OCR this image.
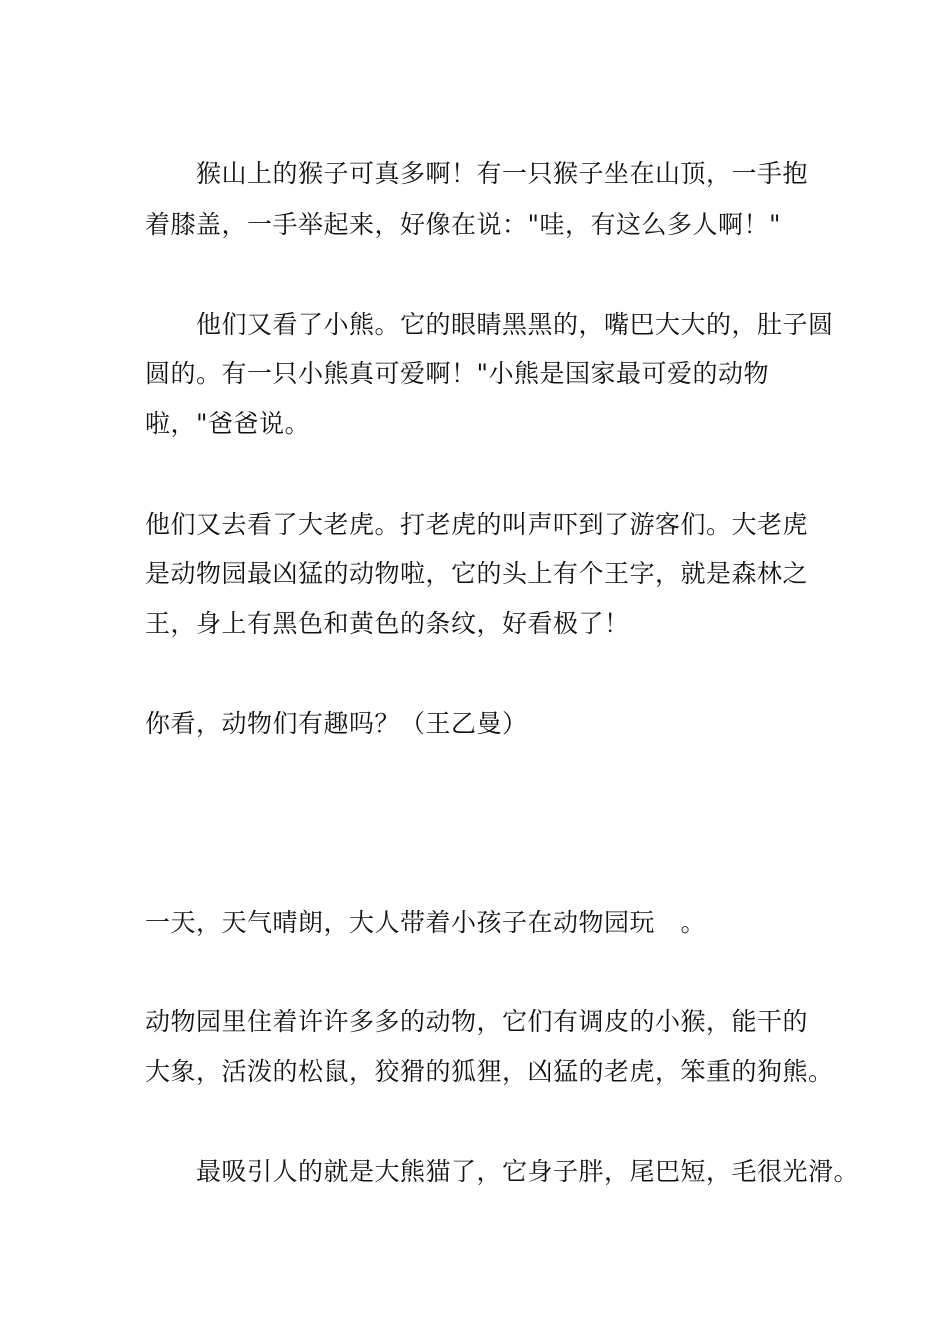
猴山上的猴子可真多啊！有一只猴子坐在山顶，一手抱
着膝盖，一手举起来，好像在说："哇，有这么多人啊！"
他们又看了小熊。它的眼睛黑黑的，嘴巴大大的，肚子圆
圆的。有一只小熊真可爱啊！"小熊是国家最可爱的动物
啦，"爸爸说。
他们又去看了大老虎。打老虎的叫声吓到了游客们。大老虎
是动物园最凶猛的动物啦，它的头上有个王字，就是森林之
王，身上有黑色和黄色的条纹，好看极了！
你看，动物们有趣吗？（王乙曼）
一天，天气晴朗，大人带着小孩子在动物园玩　。
动物园里住着许许多多的动物，它们有调皮的小猴，能干的
大象，活泼的松鼠，狡猾的狐狸，凶猛的老虎，笨重的狗熊。
最吸引人的就是大熊猫了，它身子胖，尾巴短，毛很光滑。
